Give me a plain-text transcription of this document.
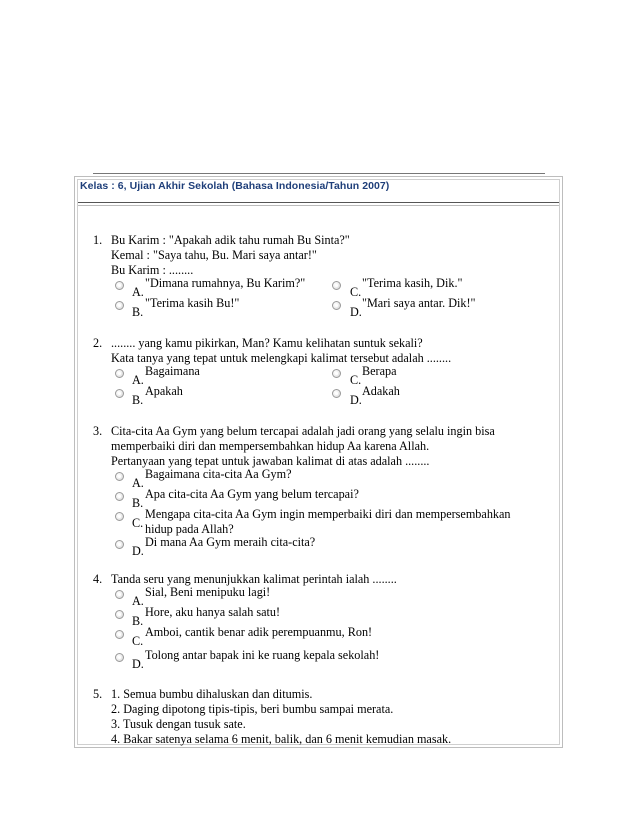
Kelas : 6, Ujian Akhir Sekolah (Bahasa Indonesia/Tahun 2007)
1. Bu Karim : "Apakah adik tahu rumah Bu Sinta?"
Kemal : "Saya tahu, Bu. Mari saya antar!"
Bu Karim : ........
A.
"Dimana rumahnya, Bu Karim?"
C.
"Terima kasih, Dik."
B.
"Terima kasih Bu!"
D.
"Mari saya antar. Dik!"
2. ........ yang kamu pikirkan, Man? Kamu kelihatan suntuk sekali?
Kata tanya yang tepat untuk melengkapi kalimat tersebut adalah ........
A.
Bagaimana
C.
Berapa
B.
Apakah
D.
Adakah
3. Cita-cita Aa Gym yang belum tercapai adalah jadi orang yang selalu ingin bisa
memperbaiki diri dan mempersembahkan hidup Aa karena Allah.
Pertanyaan yang tepat untuk jawaban kalimat di atas adalah ........
A.
Bagaimana cita-cita Aa Gym?
B.
Apa cita-cita Aa Gym yang belum tercapai?
C.
Mengapa cita-cita Aa Gym ingin memperbaiki diri dan mempersembahkan
hidup pada Allah?
D.
Di mana Aa Gym meraih cita-cita?
4. Tanda seru yang menunjukkan kalimat perintah ialah ........
A.
Sial, Beni menipuku lagi!
B.
Hore, aku hanya salah satu!
C.
Amboi, cantik benar adik perempuanmu, Ron!
D.
Tolong antar bapak ini ke ruang kepala sekolah!
5. 1. Semua bumbu dihaluskan dan ditumis.
2. Daging dipotong tipis-tipis, beri bumbu sampai merata.
3. Tusuk dengan tusuk sate.
4. Bakar satenya selama 6 menit, balik, dan 6 menit kemudian masak.
